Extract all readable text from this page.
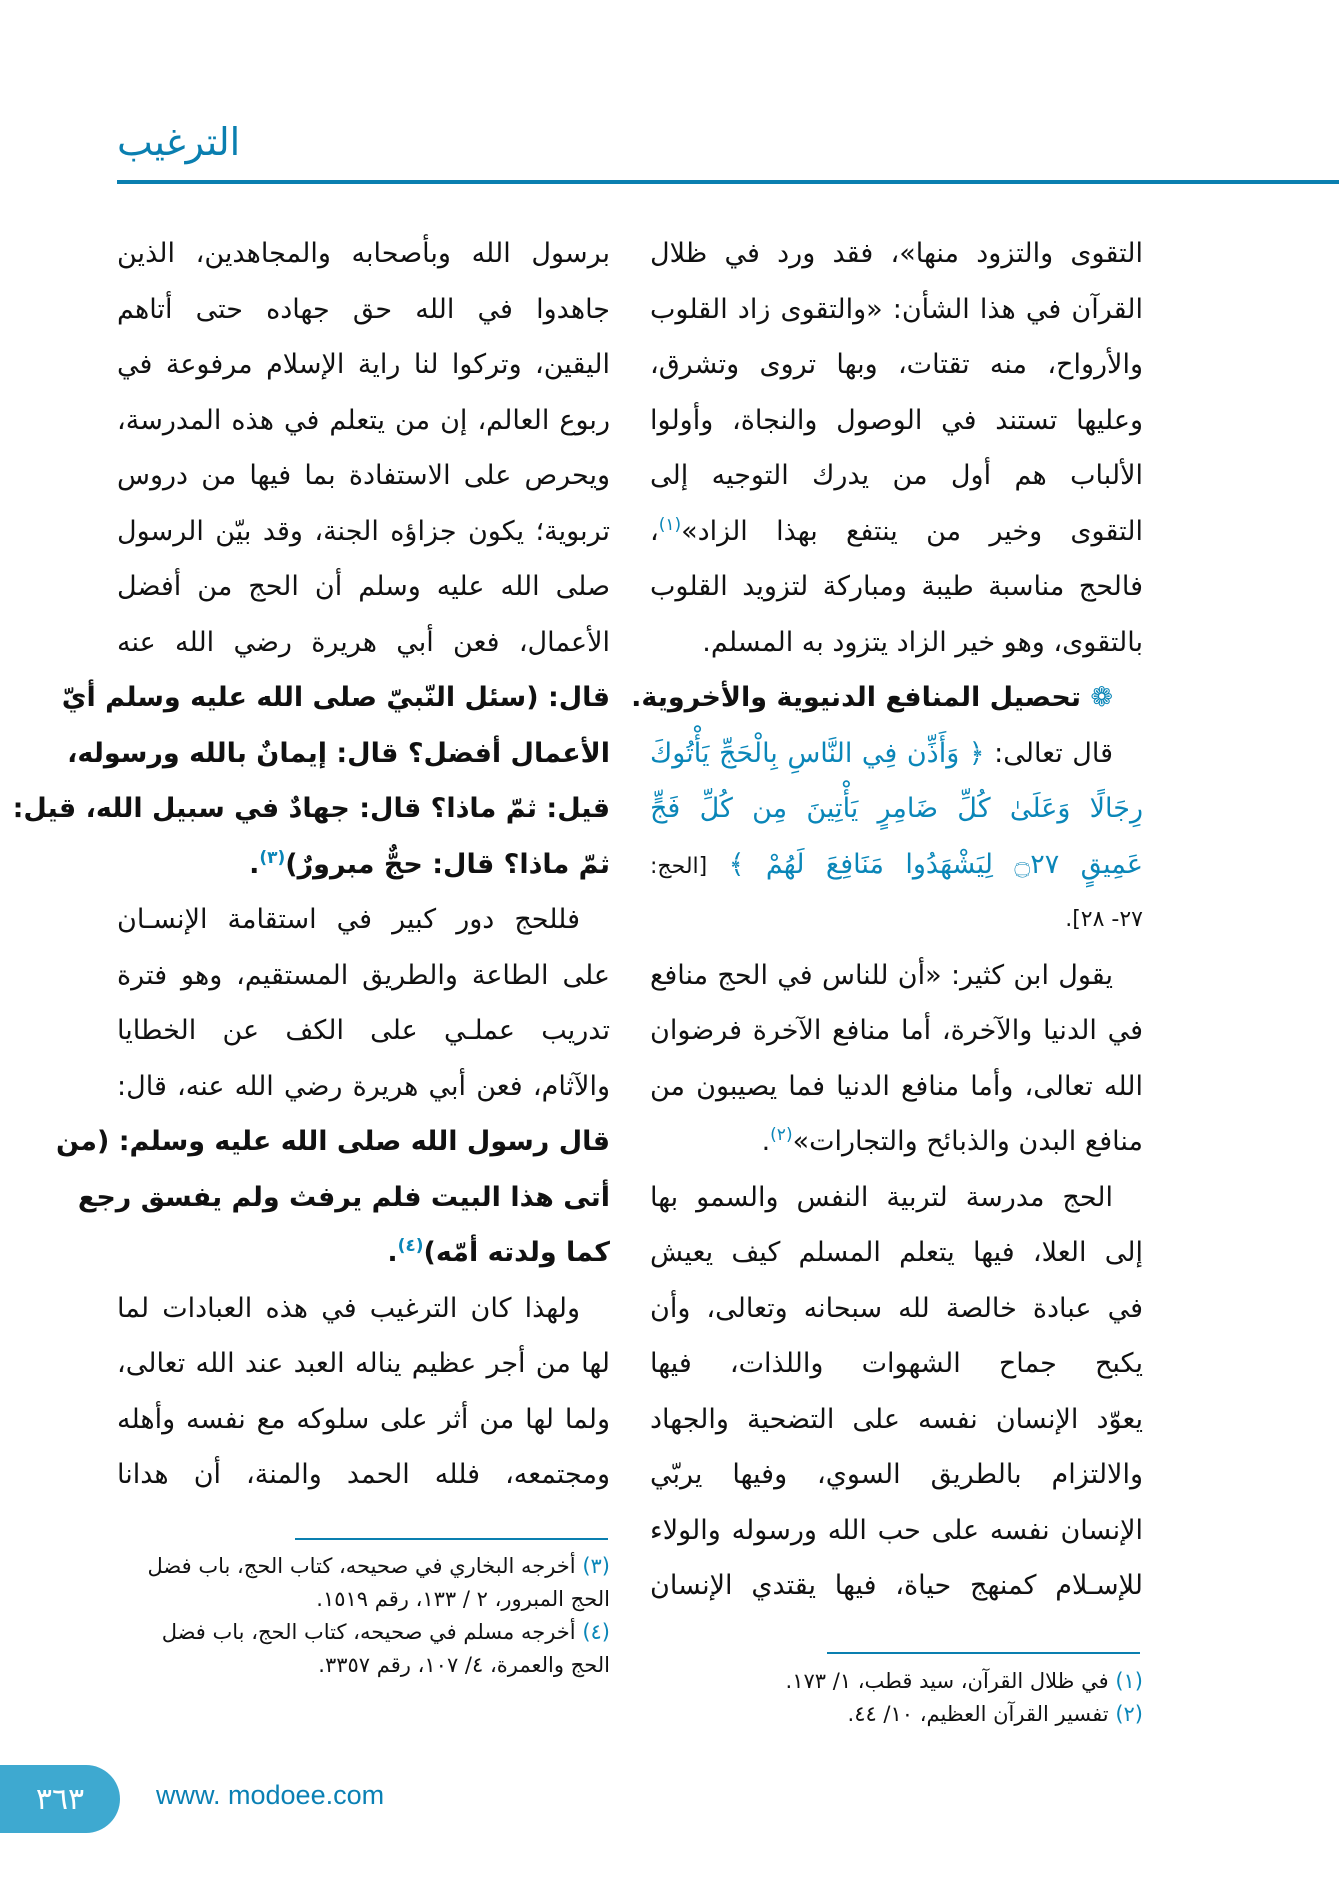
الترغيب
التقوى والتزود منها»، فقد ورد في ظلال
القرآن في هذا الشأن: «والتقوى زاد القلوب
والأرواح، منه تقتات، وبها تروى وتشرق،
وعليها تستند في الوصول والنجاة، وأولوا
الألباب هم أول من يدرك التوجيه إلى
التقوى وخير من ينتفع بهذا الزاد»$^{(١)}$،
فالحج مناسبة طيبة ومباركة لتزويد القلوب
بالتقوى، وهو خير الزاد يتزود به المسلم.
❁ تحصيل المنافع الدنيوية والأخروية.
قال تعالى: ﴿ وَأَذِّن فِي النَّاسِ بِالْحَجِّ يَأْتُوكَ
رِجَالًا وَعَلَىٰ كُلِّ ضَامِرٍ يَأْتِينَ مِن كُلِّ فَجٍّ
عَمِيقٍ ۝٢٧ لِيَشْهَدُوا مَنَافِعَ لَهُمْ ﴾ [الحج:
٢٧- ٢٨].
يقول ابن كثير: «أن للناس في الحج منافع
في الدنيا والآخرة، أما منافع الآخرة فرضوان
الله تعالى، وأما منافع الدنيا فما يصيبون من
منافع البدن والذبائح والتجارات»$^{(٢)}$.
الحج مدرسة لتربية النفس والسمو بها
إلى العلا، فيها يتعلم المسلم كيف يعيش
في عبادة خالصة لله سبحانه وتعالى، وأن
يكبح جماح الشهوات واللذات، فيها
يعوّد الإنسان نفسه على التضحية والجهاد
والالتزام بالطريق السوي، وفيها يربّي
الإنسان نفسه على حب الله ورسوله والولاء
للإسـلام كمنهج حياة، فيها يقتدي الإنسان
برسول الله وبأصحابه والمجاهدين، الذين
جاهدوا في الله حق جهاده حتى أتاهم
اليقين، وتركوا لنا راية الإسلام مرفوعة في
ربوع العالم، إن من يتعلم في هذه المدرسة،
ويحرص على الاستفادة بما فيها من دروس
تربوية؛ يكون جزاؤه الجنة، وقد بيّن الرسول
صلى الله عليه وسلم أن الحج من أفضل
الأعمال، فعن أبي هريرة رضي الله عنه
قال: (سئل النّبيّ صلى الله عليه وسلم أيّ
الأعمال أفضل؟ قال: إيمانٌ بالله ورسوله،
قيل: ثمّ ماذا؟ قال: جهادٌ في سبيل الله، قيل:
ثمّ ماذا؟ قال: حجٌّ مبرورٌ)$^{(٣)}$.
فللحج دور كبير في استقامة الإنسـان
على الطاعة والطريق المستقيم، وهو فترة
تدريب عملـي على الكف عن الخطايا
والآثام، فعن أبي هريرة رضي الله عنه، قال:
قال رسول الله صلى الله عليه وسلم: (من
أتى هذا البيت فلم يرفث ولم يفسق رجع
كما ولدته أمّه)$^{(٤)}$.
ولهذا كان الترغيب في هذه العبادات لما
لها من أجر عظيم يناله العبد عند الله تعالى،
ولما لها من أثر على سلوكه مع نفسه وأهله
ومجتمعه، فلله الحمد والمنة، أن هدانا
(٣) أخرجه البخاري في صحيحه، كتاب الحج، باب فضل الحج المبرور، ٢ / ١٣٣، رقم ١٥١٩.
(٤) أخرجه مسلم في صحيحه، كتاب الحج، باب فضل الحج والعمرة، ٤/ ١٠٧، رقم ٣٣٥٧.
(١) في ظلال القرآن، سيد قطب، ١/ ١٧٣.
(٢) تفسير القرآن العظيم، ١٠/ ٤٤.
٣٦٣	www. modoee.com
